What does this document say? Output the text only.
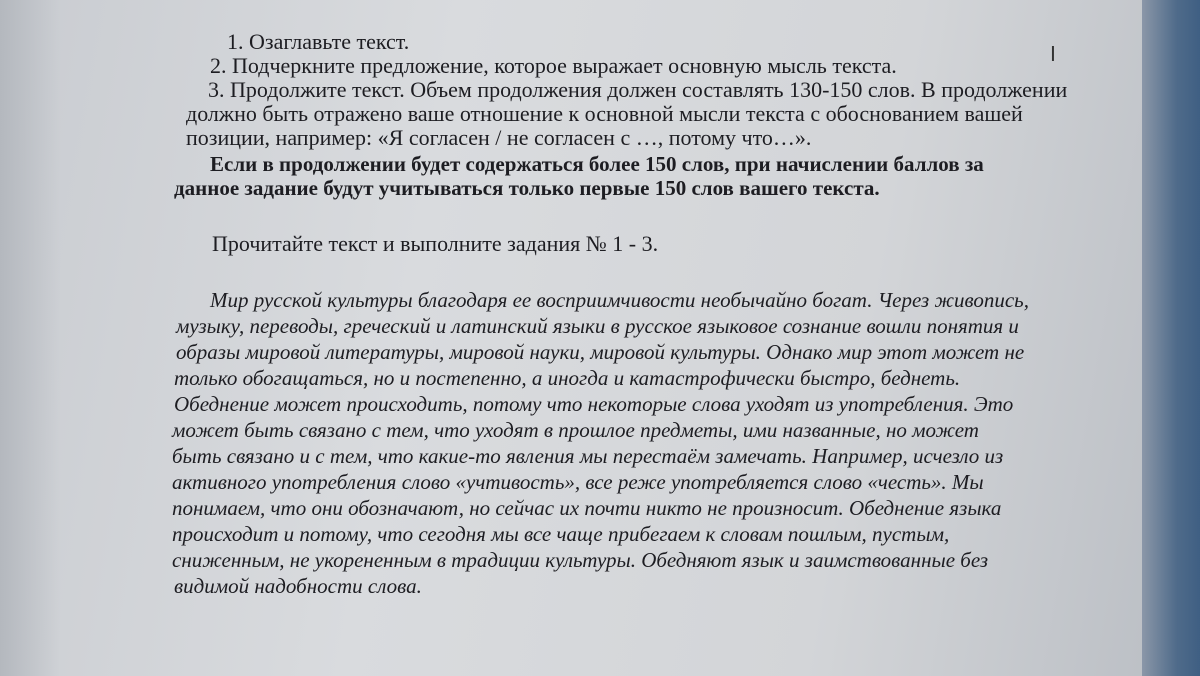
1. Озаглавьте текст.
2. Подчеркните предложение, которое выражает основную мысль текста.
3. Продолжите текст. Объем продолжения должен составлять 130-150 слов. В продолжении
должно быть отражено ваше отношение к основной мысли текста с обоснованием вашей
позиции, например: «Я согласен / не согласен с …, потому что…».
Если в продолжении будет содержаться более 150 слов, при начислении баллов за
данное задание будут учитываться только первые 150 слов вашего текста.
Прочитайте текст и выполните задания № 1 - 3.
Мир русской культуры благодаря ее восприимчивости необычайно богат. Через живопись,
музыку, переводы, греческий и латинский языки в русское языковое сознание вошли понятия и
образы мировой литературы, мировой науки, мировой культуры. Однако мир этот может не
только обогащаться, но и постепенно, а иногда и катастрофически быстро, беднеть.
Обеднение может происходить, потому что некоторые слова уходят из употребления. Это
может быть связано с тем, что уходят в прошлое предметы, ими названные, но может
быть связано и с тем, что какие-то явления мы перестаём замечать. Например, исчезло из
активного употребления слово «учтивость», все реже употребляется слово «честь». Мы
понимаем, что они обозначают, но сейчас их почти никто не произносит. Обеднение языка
происходит и потому, что сегодня мы все чаще прибегаем к словам пошлым, пустым,
сниженным, не укорененным в традиции культуры. Обедняют язык и заимствованные без
видимой надобности слова.
I
